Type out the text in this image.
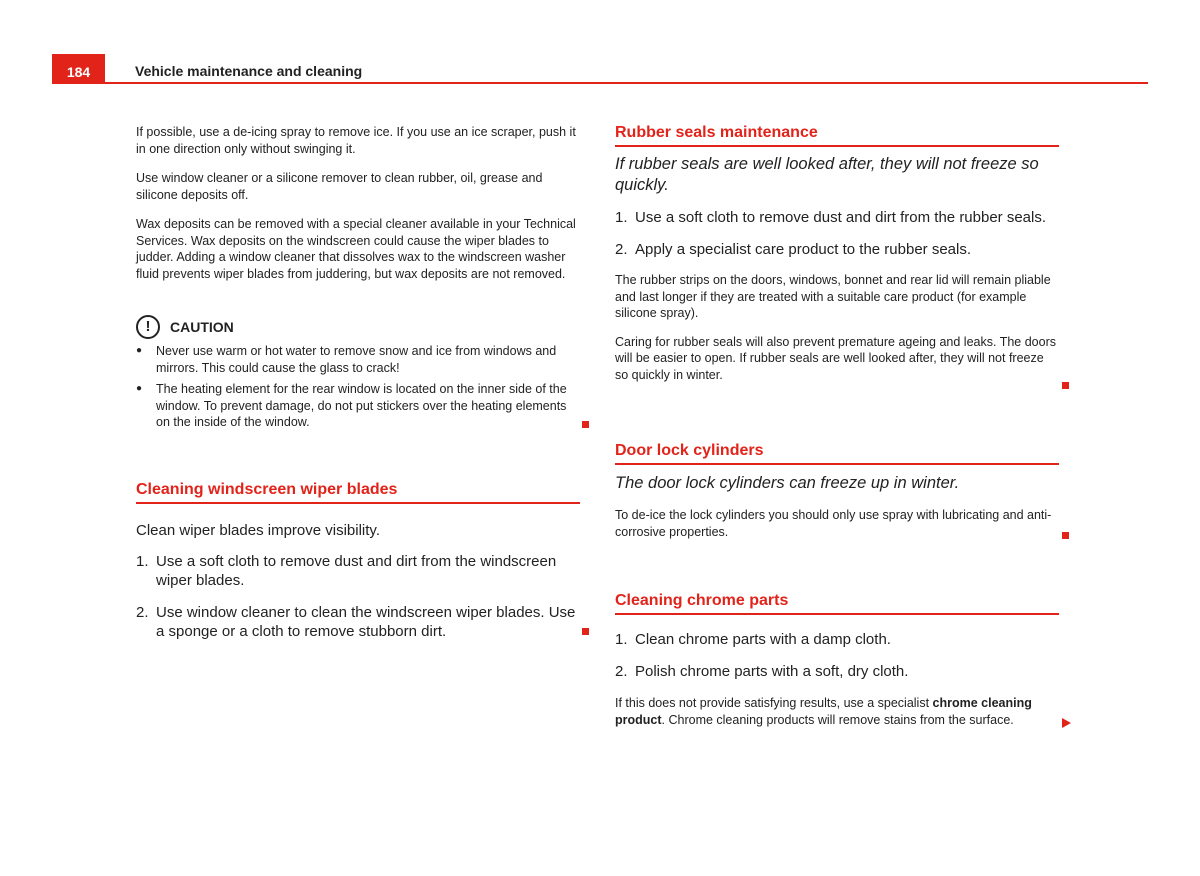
184	Vehicle maintenance and cleaning

If possible, use a de-icing spray to remove ice. If you use an ice scraper, push it in one direction only without swinging it.

Use window cleaner or a silicone remover to clean rubber, oil, grease and silicone deposits off.

Wax deposits can be removed with a special cleaner available in your Technical Services. Wax deposits on the windscreen could cause the wiper blades to judder. Adding a window cleaner that dissolves wax to the windscreen washer fluid prevents wiper blades from juddering, but wax deposits are not removed.

!	CAUTION
●	Never use warm or hot water to remove snow and ice from windows and mirrors. This could cause the glass to crack!
●	The heating element for the rear window is located on the inner side of the window. To prevent damage, do not put stickers over the heating elements on the inside of the window.
Cleaning windscreen wiper blades
Clean wiper blades improve visibility.
1. Use a soft cloth to remove dust and dirt from the windscreen wiper blades.
2. Use window cleaner to clean the windscreen wiper blades. Use a sponge or a cloth to remove stubborn dirt.
Rubber seals maintenance
If rubber seals are well looked after, they will not freeze so quickly.
1. Use a soft cloth to remove dust and dirt from the rubber seals.
2. Apply a specialist care product to the rubber seals.

The rubber strips on the doors, windows, bonnet and rear lid will remain pliable and last longer if they are treated with a suitable care product (for example silicone spray).

Caring for rubber seals will also prevent premature ageing and leaks. The doors will be easier to open. If rubber seals are well looked after, they will not freeze so quickly in winter.

Door lock cylinders
The door lock cylinders can freeze up in winter.

To de-ice the lock cylinders you should only use spray with lubricating and anti-corrosive properties.

Cleaning chrome parts
1. Clean chrome parts with a damp cloth.
2. Polish chrome parts with a soft, dry cloth.

If this does not provide satisfying results, use a specialist chrome cleaning product. Chrome cleaning products will remove stains from the surface.
